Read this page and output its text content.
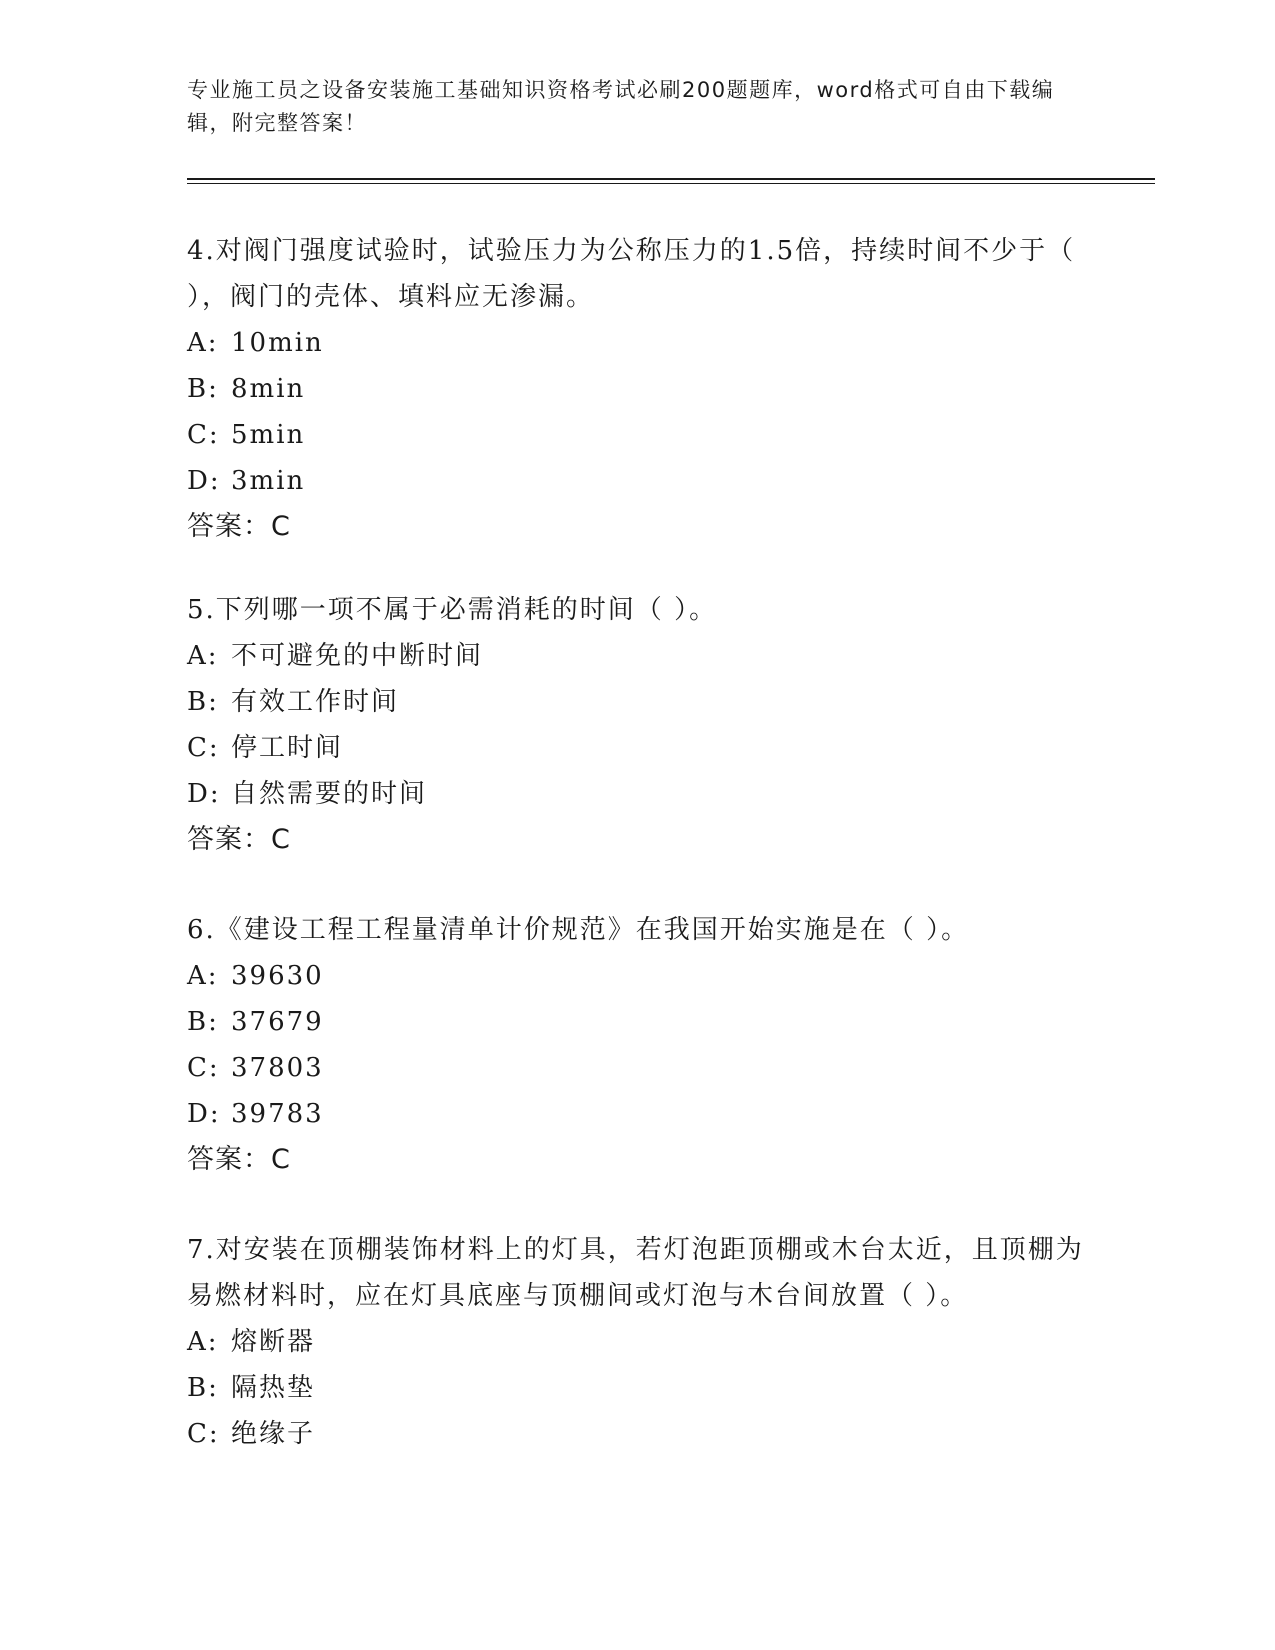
专业施工员之设备安装施工基础知识资格考试必刷200题题库，word格式可自由下载编辑，附完整答案！

4.对阀门强度试验时，试验压力为公称压力的1.5倍，持续时间不少于（ ），阀门的壳体、填料应无渗漏。

A: 10min

B: 8min

C: 5min

D: 3min

答案：C

5.下列哪一项不属于必需消耗的时间（ ）。

A: 不可避免的中断时间

B: 有效工作时间

C: 停工时间

D: 自然需要的时间

答案：C

6.《建设工程工程量清单计价规范》在我国开始实施是在（ ）。

A: 39630

B: 37679

C: 37803

D: 39783

答案：C

7.对安装在顶棚装饰材料上的灯具，若灯泡距顶棚或木台太近，且顶棚为易燃材料时，应在灯具底座与顶棚间或灯泡与木台间放置（ ）。

A: 熔断器

B: 隔热垫

C: 绝缘子
